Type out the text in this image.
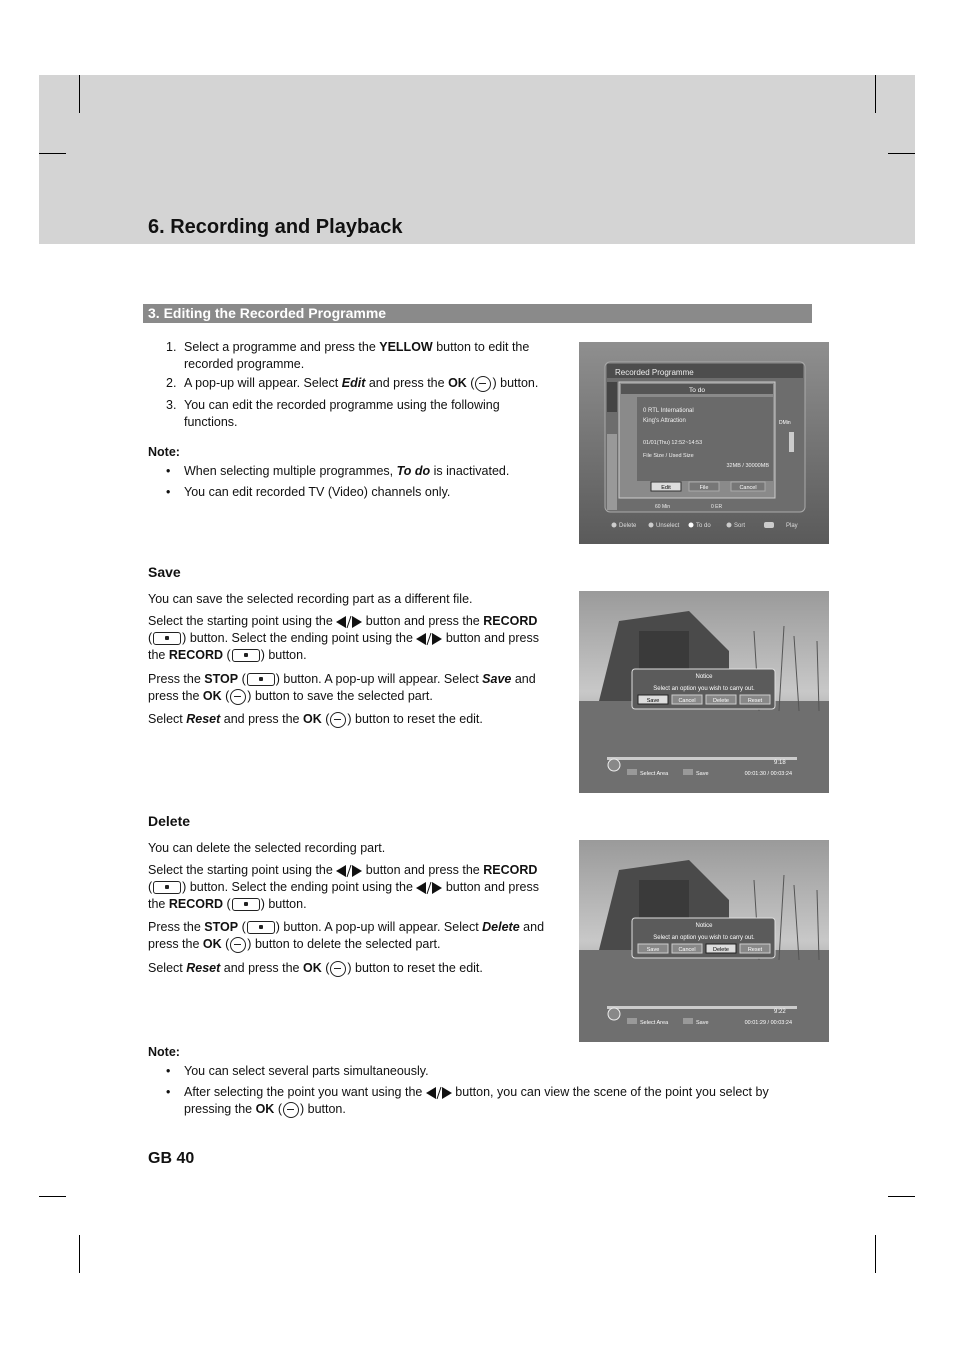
6. Recording and Playback
3. Editing the Recorded Programme
1. Select a programme and press the YELLOW button to edit the
recorded programme.
2. A pop-up will appear. Select Edit and press the OK ( ) button.
3. You can edit the recorded programme using the following
functions.
Note:
• When selecting multiple programmes, To do is inactivated.
• You can edit recorded TV (Video) channels only.
Recorded Programme
To do
0 RTL International
King's Attraction
01/01(Thu) 12:52~14:53
File Size / Used Size
32MB / 30000MB
Edit	File	Cancel
DMin
60 Min	0 ER
Delete	Unselect	To do	Sort	Play
Save
You can save the selected recording part as a different file.
Select the starting point using the  button and press the RECORD
( ) button. Select the ending point using the  button and press
the RECORD ( ) button.
Press the STOP ( ) button. A pop-up will appear. Select Save and
press the OK ( ) button to save the selected part.
Select Reset and press the OK ( ) button to reset the edit.
Notice
Select an option you wish to carry out.
Save	Cancel	Delete	Reset
9:18
Select Area	Save	00:01:30 / 00:03:24
Delete
You can delete the selected recording part.
Select the starting point using the  button and press the RECORD
( ) button. Select the ending point using the  button and press
the RECORD ( ) button.
Press the STOP ( ) button. A pop-up will appear. Select Delete and
press the OK ( ) button to delete the selected part.
Select Reset and press the OK ( ) button to reset the edit.
Notice
Select an option you wish to carry out.
Save	Cancel	Delete	Reset
9:22
Select Area	Save	00:01:29 / 00:03:24
Note:
• You can select several parts simultaneously.
• After selecting the point you want using the  button, you can view the scene of the point you select by
pressing the OK ( ) button.
GB 40
